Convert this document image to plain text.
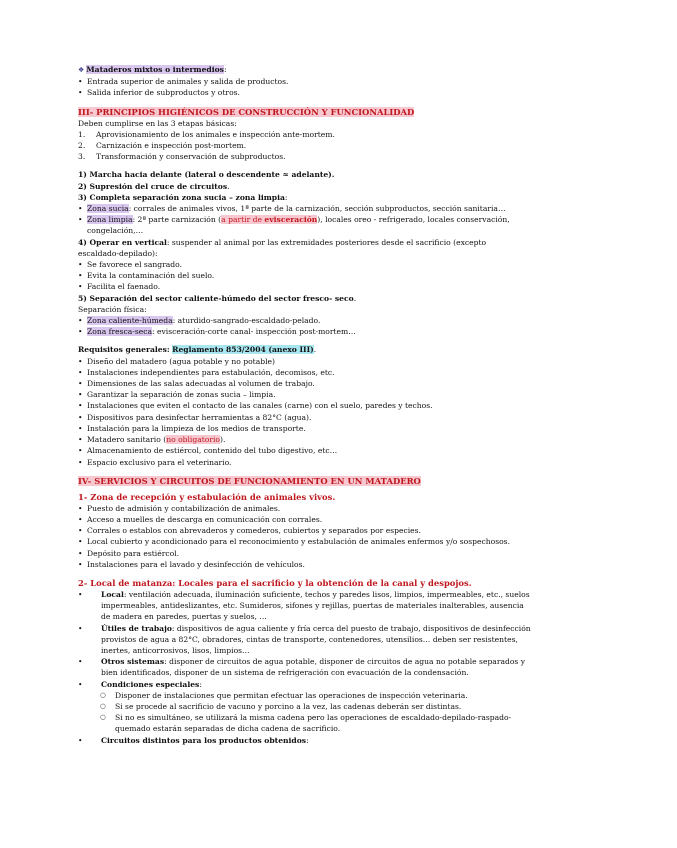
❖ Mataderos mixtos o intermedios:
• Entrada superior de animales y salida de productos.
• Salida inferior de subproductos y otros.
III- PRINCIPIOS HIGIÉNICOS DE CONSTRUCCIÓN Y FUNCIONALIDAD
Deben cumplirse en las 3 etapas básicas:
1. Aprovisionamiento de los animales e inspección ante-mortem.
2. Carnización e inspección post-mortem.
3. Transformación y conservación de subproductos.
1) Marcha hacia delante (lateral o descendente ≈ adelante).
2) Supresión del cruce de circuitos.
3) Completa separación zona sucia – zona limpia:
• Zona sucia: corrales de animales vivos, 1ª parte de la carnización, sección subproductos, sección sanitaria…
• Zona limpia: 2ª parte carnización (a partir de evisceración), locales oreo - refrigerado, locales conservación,
congelación,…
4) Operar en vertical: suspender al animal por las extremidades posteriores desde el sacrificio (excepto
escaldado-depilado):
• Se favorece el sangrado.
• Evita la contaminación del suelo.
• Facilita el faenado.
5) Separación del sector caliente-húmedo del sector fresco- seco.
Separación física:
• Zona caliente-húmeda: aturdido-sangrado-escaldado-pelado.
• Zona fresca-seca: evisceración-corte canal- inspección post-mortem…
Requisitos generales: Reglamento 853/2004 (anexo III).
• Diseño del matadero (agua potable y no potable)
• Instalaciones independientes para estabulación, decomisos, etc.
• Dimensiones de las salas adecuadas al volumen de trabajo.
• Garantizar la separación de zonas sucia – limpia.
• Instalaciones que eviten el contacto de las canales (carne) con el suelo, paredes y techos.
• Dispositivos para desinfectar herramientas a 82°C (agua).
• Instalación para la limpieza de los medios de transporte.
• Matadero sanitario (no obligatorio).
• Almacenamiento de estiércol, contenido del tubo digestivo, etc…
• Espacio exclusivo para el veterinario.
IV- SERVICIOS Y CIRCUITOS DE FUNCIONAMIENTO EN UN MATADERO
1- Zona de recepción y estabulación de animales vivos.
• Puesto de admisión y contabilización de animales.
• Acceso a muelles de descarga en comunicación con corrales.
• Corrales o establos con abrevaderos y comederos, cubiertos y separados por especies.
• Local cubierto y acondicionado para el reconocimiento y estabulación de animales enfermos y/o sospechosos.
• Depósito para estiércol.
• Instalaciones para el lavado y desinfección de vehículos.
2- Local de matanza: Locales para el sacrificio y la obtención de la canal y despojos.
• Local: ventilación adecuada, iluminación suficiente, techos y paredes lisos, limpios, impermeables, etc., suelos
impermeables, antideslizantes, etc. Sumideros, sifones y rejillas, puertas de materiales inalterables, ausencia
de madera en paredes, puertas y suelos, …
• Útiles de trabajo: dispositivos de agua caliente y fría cerca del puesto de trabajo, dispositivos de desinfección
provistos de agua a 82°C, obradores, cintas de transporte, contenedores, utensilios… deben ser resistentes,
inertes, anticorrosivos, lisos, limpios…
• Otros sistemas: disponer de circuitos de agua potable, disponer de circuitos de agua no potable separados y
bien identificados, disponer de un sistema de refrigeración con evacuación de la condensación.
• Condiciones especiales:
○ Disponer de instalaciones que permitan efectuar las operaciones de inspección veterinaria.
○ Si se procede al sacrificio de vacuno y porcino a la vez, las cadenas deberán ser distintas.
○ Si no es simultáneo, se utilizará la misma cadena pero las operaciones de escaldado-depilado-raspado-
quemado estarán separadas de dicha cadena de sacrificio.
• Circuitos distintos para los productos obtenidos:
